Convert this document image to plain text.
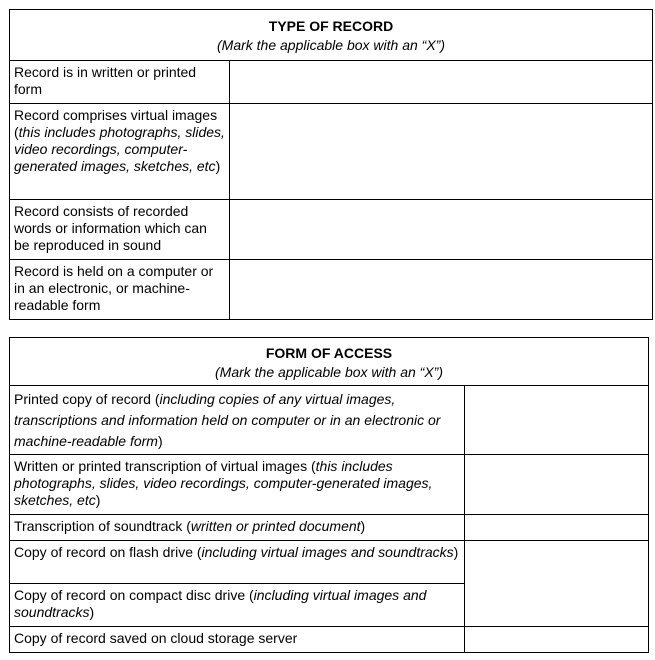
TYPE OF RECORD
(Mark the applicable box with an “X”)	

Record is in written or printed form	
Record comprises virtual images (this includes photographs, slides, video recordings, computer-generated images, sketches, etc)	
Record consists of recorded words or information which can be reproduced in sound	
Record is held on a computer or in an electronic, or machine-readable form	
FORM OF ACCESS
(Mark the applicable box with an “X”)	

Printed copy of record (including copies of any virtual images, transcriptions and information held on computer or in an electronic or machine-readable form)	
Written or printed transcription of virtual images (this includes photographs, slides, video recordings, computer-generated images, sketches, etc)	
Transcription of soundtrack (written or printed document)	
Copy of record on flash drive (including virtual images and soundtracks)	
Copy of record on compact disc drive (including virtual images and soundtracks)	
Copy of record saved on cloud storage server	
